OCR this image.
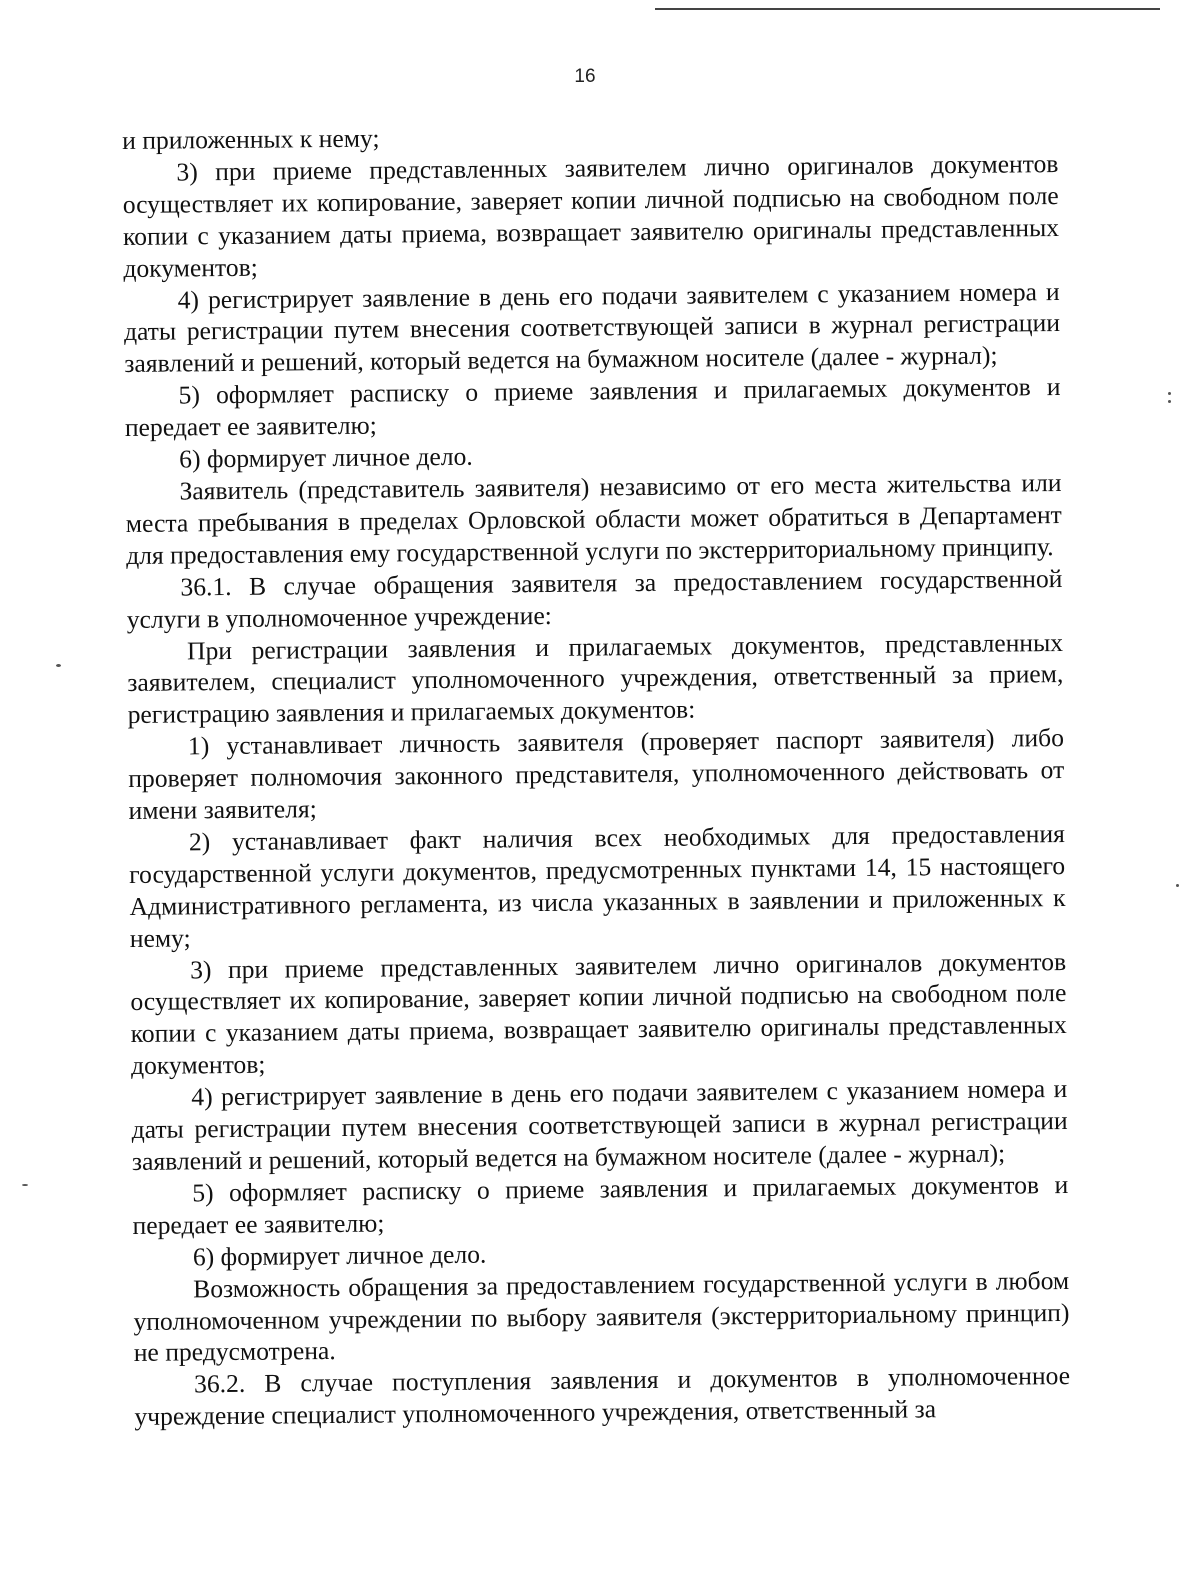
16

и приложенных к нему;

3) при приеме представленных заявителем лично оригиналов документов осуществляет их копирование, заверяет копии личной подписью на свободном поле копии с указанием даты приема, возвращает заявителю оригиналы представленных документов;

4) регистрирует заявление в день его подачи заявителем с указанием номера и даты регистрации путем внесения соответствующей записи в журнал регистрации заявлений и решений, который ведется на бумажном носителе (далее - журнал);

5) оформляет расписку о приеме заявления и прилагаемых документов и передает ее заявителю;

6) формирует личное дело.

Заявитель (представитель заявителя) независимо от его места жительства или места пребывания в пределах Орловской области может обратиться в Департамент для предоставления ему государственной услуги по экстерриториальному принципу.

36.1. В случае обращения заявителя за предоставлением государственной услуги в уполномоченное учреждение:

При регистрации заявления и прилагаемых документов, представленных заявителем, специалист уполномоченного учреждения, ответственный за прием, регистрацию заявления и прилагаемых документов:

1) устанавливает личность заявителя (проверяет паспорт заявителя) либо проверяет полномочия законного представителя, уполномоченного действовать от имени заявителя;

2) устанавливает факт наличия всех необходимых для предоставления государственной услуги документов, предусмотренных пунктами 14, 15 настоящего Административного регламента, из числа указанных в заявлении и приложенных к нему;

3) при приеме представленных заявителем лично оригиналов документов осуществляет их копирование, заверяет копии личной подписью на свободном поле копии с указанием даты приема, возвращает заявителю оригиналы представленных документов;

4) регистрирует заявление в день его подачи заявителем с указанием номера и даты регистрации путем внесения соответствующей записи в журнал регистрации заявлений и решений, который ведется на бумажном носителе (далее - журнал);

5) оформляет расписку о приеме заявления и прилагаемых документов и передает ее заявителю;

6) формирует личное дело.

Возможность обращения за предоставлением государственной услуги в любом уполномоченном учреждении по выбору заявителя (экстерриториальному принцип) не предусмотрена.

36.2. В случае поступления заявления и документов в уполномоченное учреждение специалист уполномоченного учреждения, ответственный за
